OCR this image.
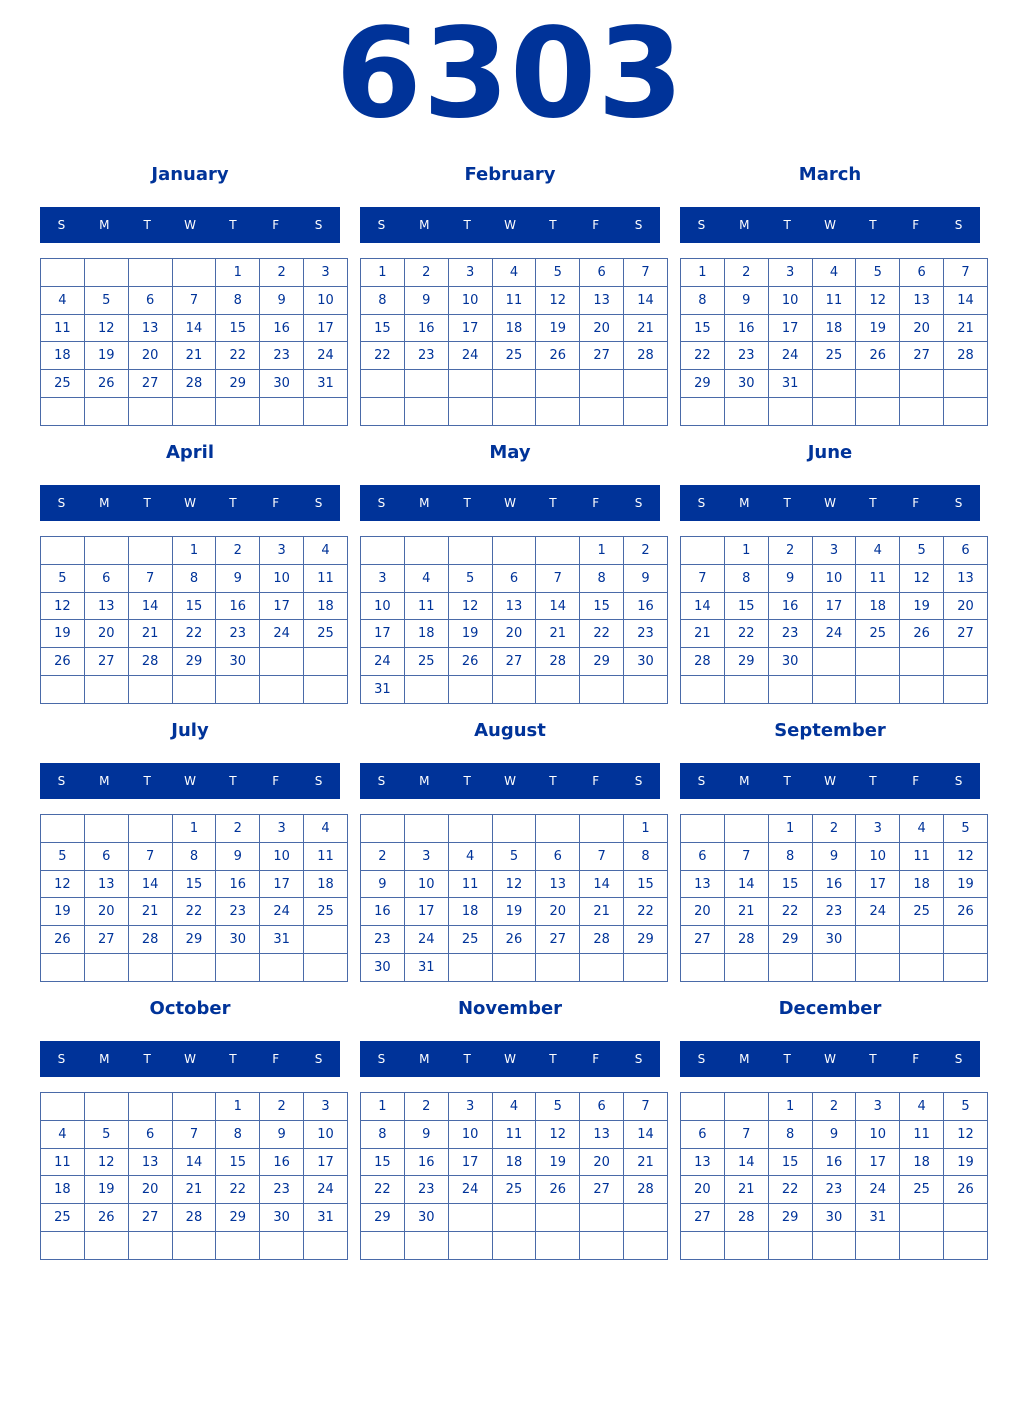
6303
January
S	M	T	W	T	F	S
				1	2	3
4	5	6	7	8	9	10
11	12	13	14	15	16	17
18	19	20	21	22	23	24
25	26	27	28	29	30	31

February
S	M	T	W	T	F	S
1	2	3	4	5	6	7
8	9	10	11	12	13	14
15	16	17	18	19	20	21
22	23	24	25	26	27	28

March
S	M	T	W	T	F	S
1	2	3	4	5	6	7
8	9	10	11	12	13	14
15	16	17	18	19	20	21
22	23	24	25	26	27	28
29	30	31				

April
S	M	T	W	T	F	S
			1	2	3	4
5	6	7	8	9	10	11
12	13	14	15	16	17	18
19	20	21	22	23	24	25
26	27	28	29	30		

May
S	M	T	W	T	F	S
					1	2
3	4	5	6	7	8	9
10	11	12	13	14	15	16
17	18	19	20	21	22	23
24	25	26	27	28	29	30
31						
June
S	M	T	W	T	F	S
	1	2	3	4	5	6
7	8	9	10	11	12	13
14	15	16	17	18	19	20
21	22	23	24	25	26	27
28	29	30				

July
S	M	T	W	T	F	S
			1	2	3	4
5	6	7	8	9	10	11
12	13	14	15	16	17	18
19	20	21	22	23	24	25
26	27	28	29	30	31	

August
S	M	T	W	T	F	S
						1
2	3	4	5	6	7	8
9	10	11	12	13	14	15
16	17	18	19	20	21	22
23	24	25	26	27	28	29
30	31					
September
S	M	T	W	T	F	S
		1	2	3	4	5
6	7	8	9	10	11	12
13	14	15	16	17	18	19
20	21	22	23	24	25	26
27	28	29	30			

October
S	M	T	W	T	F	S
				1	2	3
4	5	6	7	8	9	10
11	12	13	14	15	16	17
18	19	20	21	22	23	24
25	26	27	28	29	30	31

November
S	M	T	W	T	F	S
1	2	3	4	5	6	7
8	9	10	11	12	13	14
15	16	17	18	19	20	21
22	23	24	25	26	27	28
29	30					

December
S	M	T	W	T	F	S
		1	2	3	4	5
6	7	8	9	10	11	12
13	14	15	16	17	18	19
20	21	22	23	24	25	26
27	28	29	30	31		
